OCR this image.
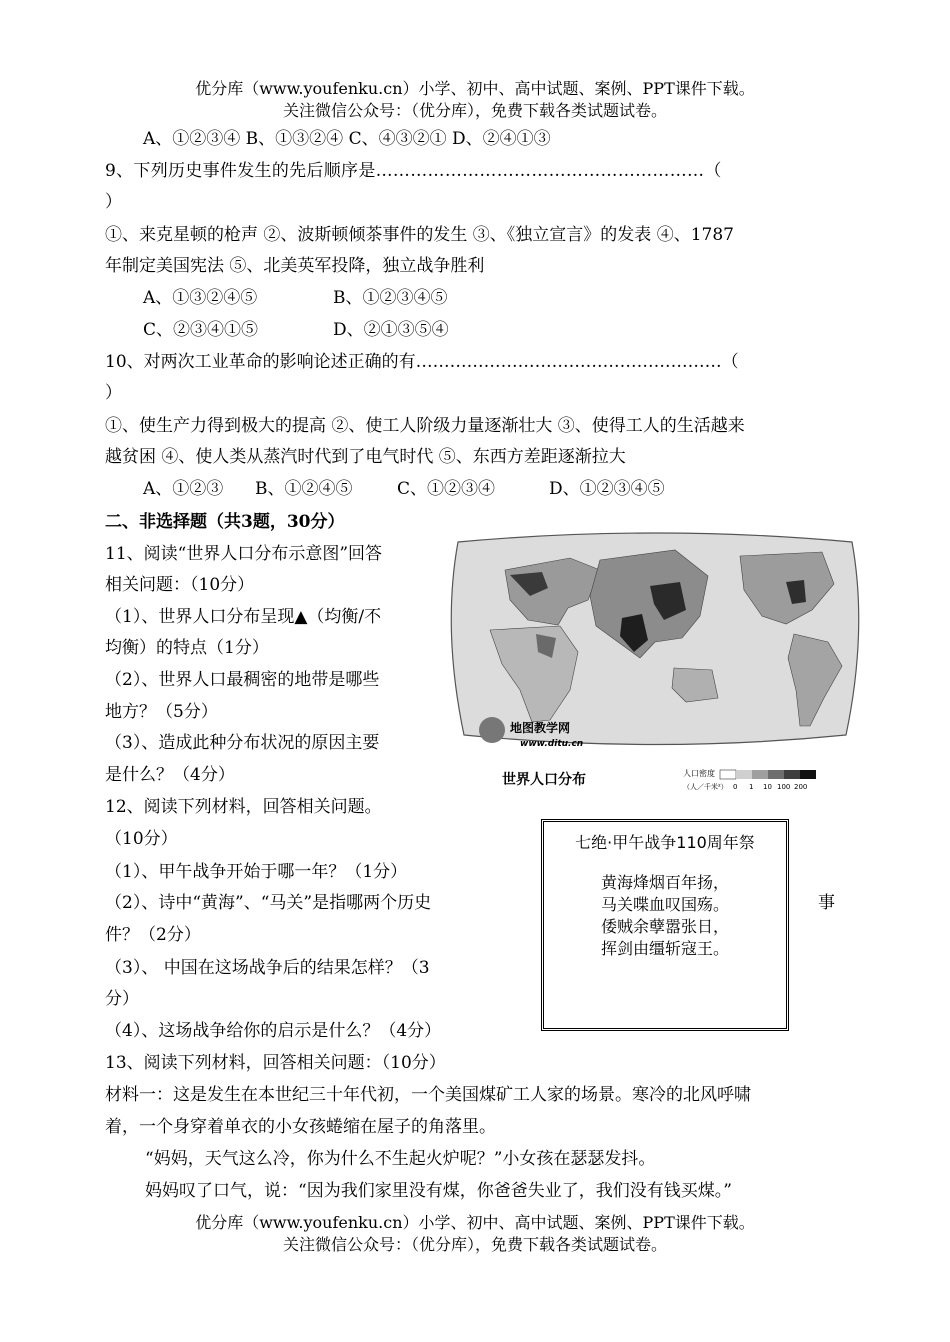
优分库（www.youfenku.cn）小学、初中、高中试题、案例、PPT课件下载。
关注微信公众号：（优分库），免费下载各类试题试卷。
A、①②③④ B、①③②④ C、④③②① D、②④①③
9、下列历史事件发生的先后顺序是…………………………………………………（
）
①、来克星顿的枪声 ②、波斯顿倾茶事件的发生 ③、《独立宣言》的发表 ④、1787
年制定美国宪法 ⑤、北美英军投降，独立战争胜利
A、①③②④⑤	B、①②③④⑤
C、②③④①⑤	D、②①③⑤④
10、对两次工业革命的影响论述正确的有………………………………………………（
）
①、使生产力得到极大的提高 ②、使工人阶级力量逐渐壮大 ③、使得工人的生活越来
越贫困 ④、使人类从蒸汽时代到了电气时代 ⑤、东西方差距逐渐拉大
A、①②③ B、①②④⑤	C、①②③④	D、①②③④⑤
二、非选择题（共3题，30分）
11、阅读“世界人口分布示意图”回答
相关问题：（10分）
（1）、世界人口分布呈现▲（均衡/不
均衡）的特点（1分）
（2）、世界人口最稠密的地带是哪些
地方？（5分）
（3）、造成此种分布状况的原因主要
是什么？（4分）
地图教学网
www.ditu.cn
世界人口分布	人口密度
（人／千米²） 0 1 10 100 200
12、阅读下列材料，回答相关问题。
（10分）
（1）、甲午战争开始于哪一年？（1分）
（2）、诗中“黄海”、“马关”是指哪两个历史	事
件？（2分）
（3）、 中国在这场战争后的结果怎样？（3
分）
（4）、这场战争给你的启示是什么？（4分）
七绝·甲午战争110周年祭
黄海烽烟百年扬，
马关喋血叹国殇。
倭贼余孽嚣张日，
挥剑由缰斩寇王。
13、阅读下列材料，回答相关问题：（10分）
材料一：这是发生在本世纪三十年代初，一个美国煤矿工人家的场景。寒冷的北风呼啸
着，一个身穿着单衣的小女孩蜷缩在屋子的角落里。
“妈妈，天气这么冷，你为什么不生起火炉呢？”小女孩在瑟瑟发抖。
妈妈叹了口气，说：“因为我们家里没有煤，你爸爸失业了，我们没有钱买煤。”
优分库（www.youfenku.cn）小学、初中、高中试题、案例、PPT课件下载。
关注微信公众号：（优分库），免费下载各类试题试卷。
